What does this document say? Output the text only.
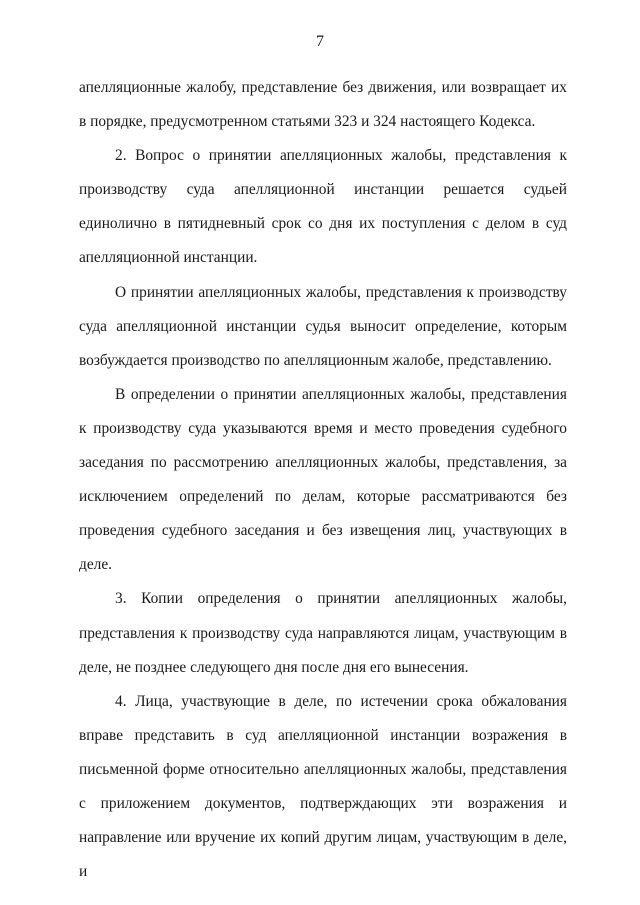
7

апелляционные жалобу, представление без движения, или возвращает их в порядке, предусмотренном статьями 323 и 324 настоящего Кодекса.

2. Вопрос о принятии апелляционных жалобы, представления к производству суда апелляционной инстанции решается судьей единолично в пятидневный срок со дня их поступления с делом в суд апелляционной инстанции.

О принятии апелляционных жалобы, представления к производству суда апелляционной инстанции судья выносит определение, которым возбуждается производство по апелляционным жалобе, представлению.

В определении о принятии апелляционных жалобы, представления к производству суда указываются время и место проведения судебного заседания по рассмотрению апелляционных жалобы, представления, за исключением определений по делам, которые рассматриваются без проведения судебного заседания и без извещения лиц, участвующих в деле.

3. Копии определения о принятии апелляционных жалобы, представления к производству суда направляются лицам, участвующим в деле, не позднее следующего дня после дня его вынесения.

4. Лица, участвующие в деле, по истечении срока обжалования вправе представить в суд апелляционной инстанции возражения в письменной форме относительно апелляционных жалобы, представления с приложением документов, подтверждающих эти возражения и направление или вручение их копий другим лицам, участвующим в деле, и
